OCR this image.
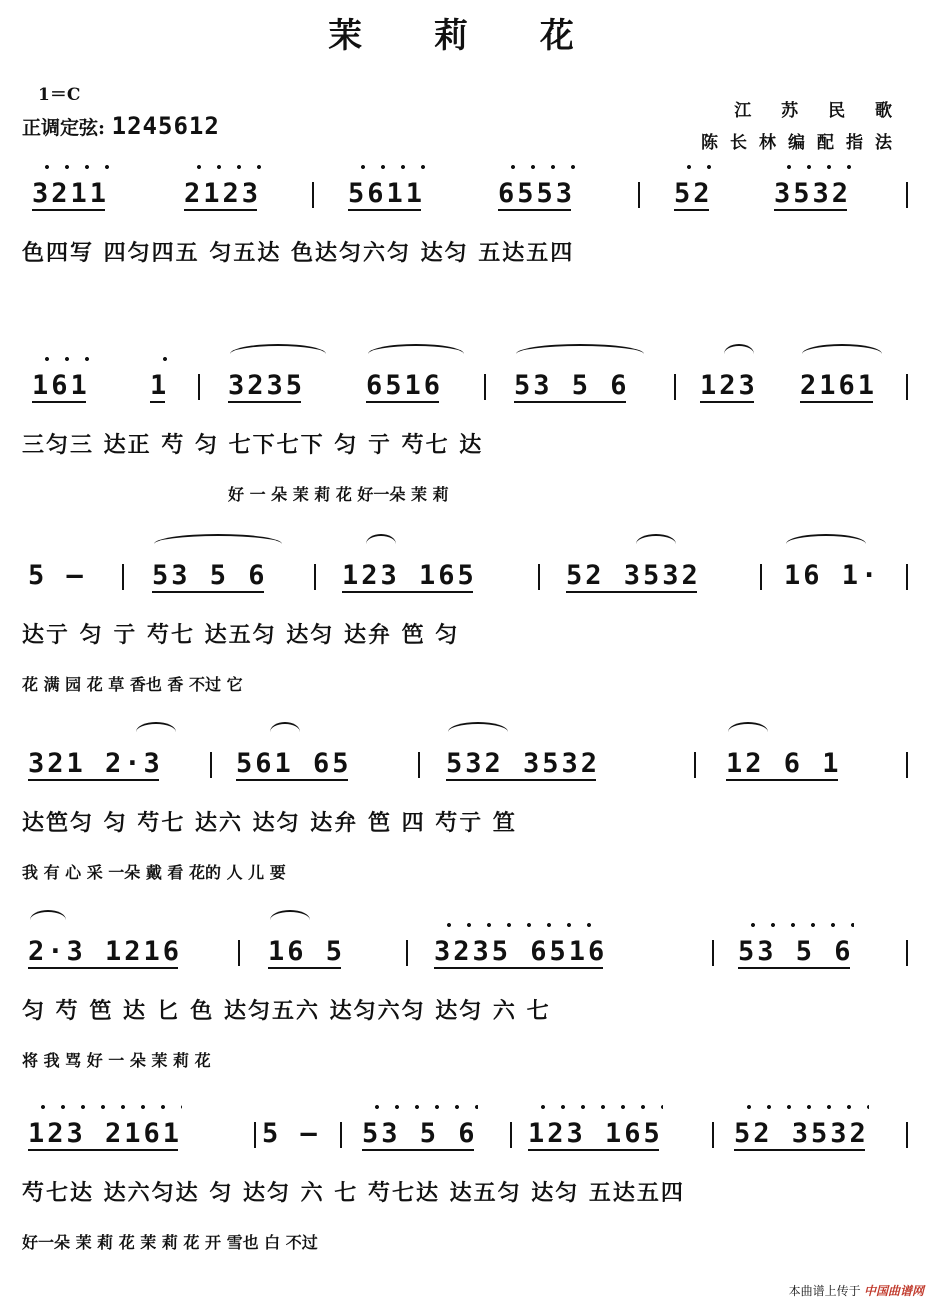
茉 莉 花
1＝C
正调定弦: 1245612
江 苏 民 歌
陈长林编配指法
3211	2123	5611	6553	52 3532
色四写 四匀四五 匀五达 色达匀六匀 达匀 五达五四
161 1 3235 6516	53 5 6	123 2161
三匀三 达正 芍 匀 七下七下 匀 亍 芍七 达
好 一 朵 茉 莉 花 好一朵 茉 莉
5 — 53 5 6	123 165	52 3532	16 1·
达亍 匀 亍 芍七 达五匀 达匀 达弁 笆 匀
花 满 园 花 草 香也 香 不过 它
321 2·3	561 65	532 3532	12 6 1
达笆匀 匀 芍七 达六 达匀 达弁 笆 四 芍亍 笪
我 有 心 采 一朵 戴 看 花的 人 儿 要
2·3 1216	16 5	3235 6516	53 5 6
匀 芍 笆 达 匕 色 达匀五六 达匀六匀 达匀 六 七
将 我 骂 好 一 朵 茉 莉 花
123 2161	5 — 53 5 6 123 165	52 3532
芍七达 达六匀达 匀 达匀 六 七 芍七达 达五匀 达匀 五达五四
好一朵 茉 莉 花 茉 莉 花 开 雪也 白 不过
本曲谱上传于 中国曲谱网
